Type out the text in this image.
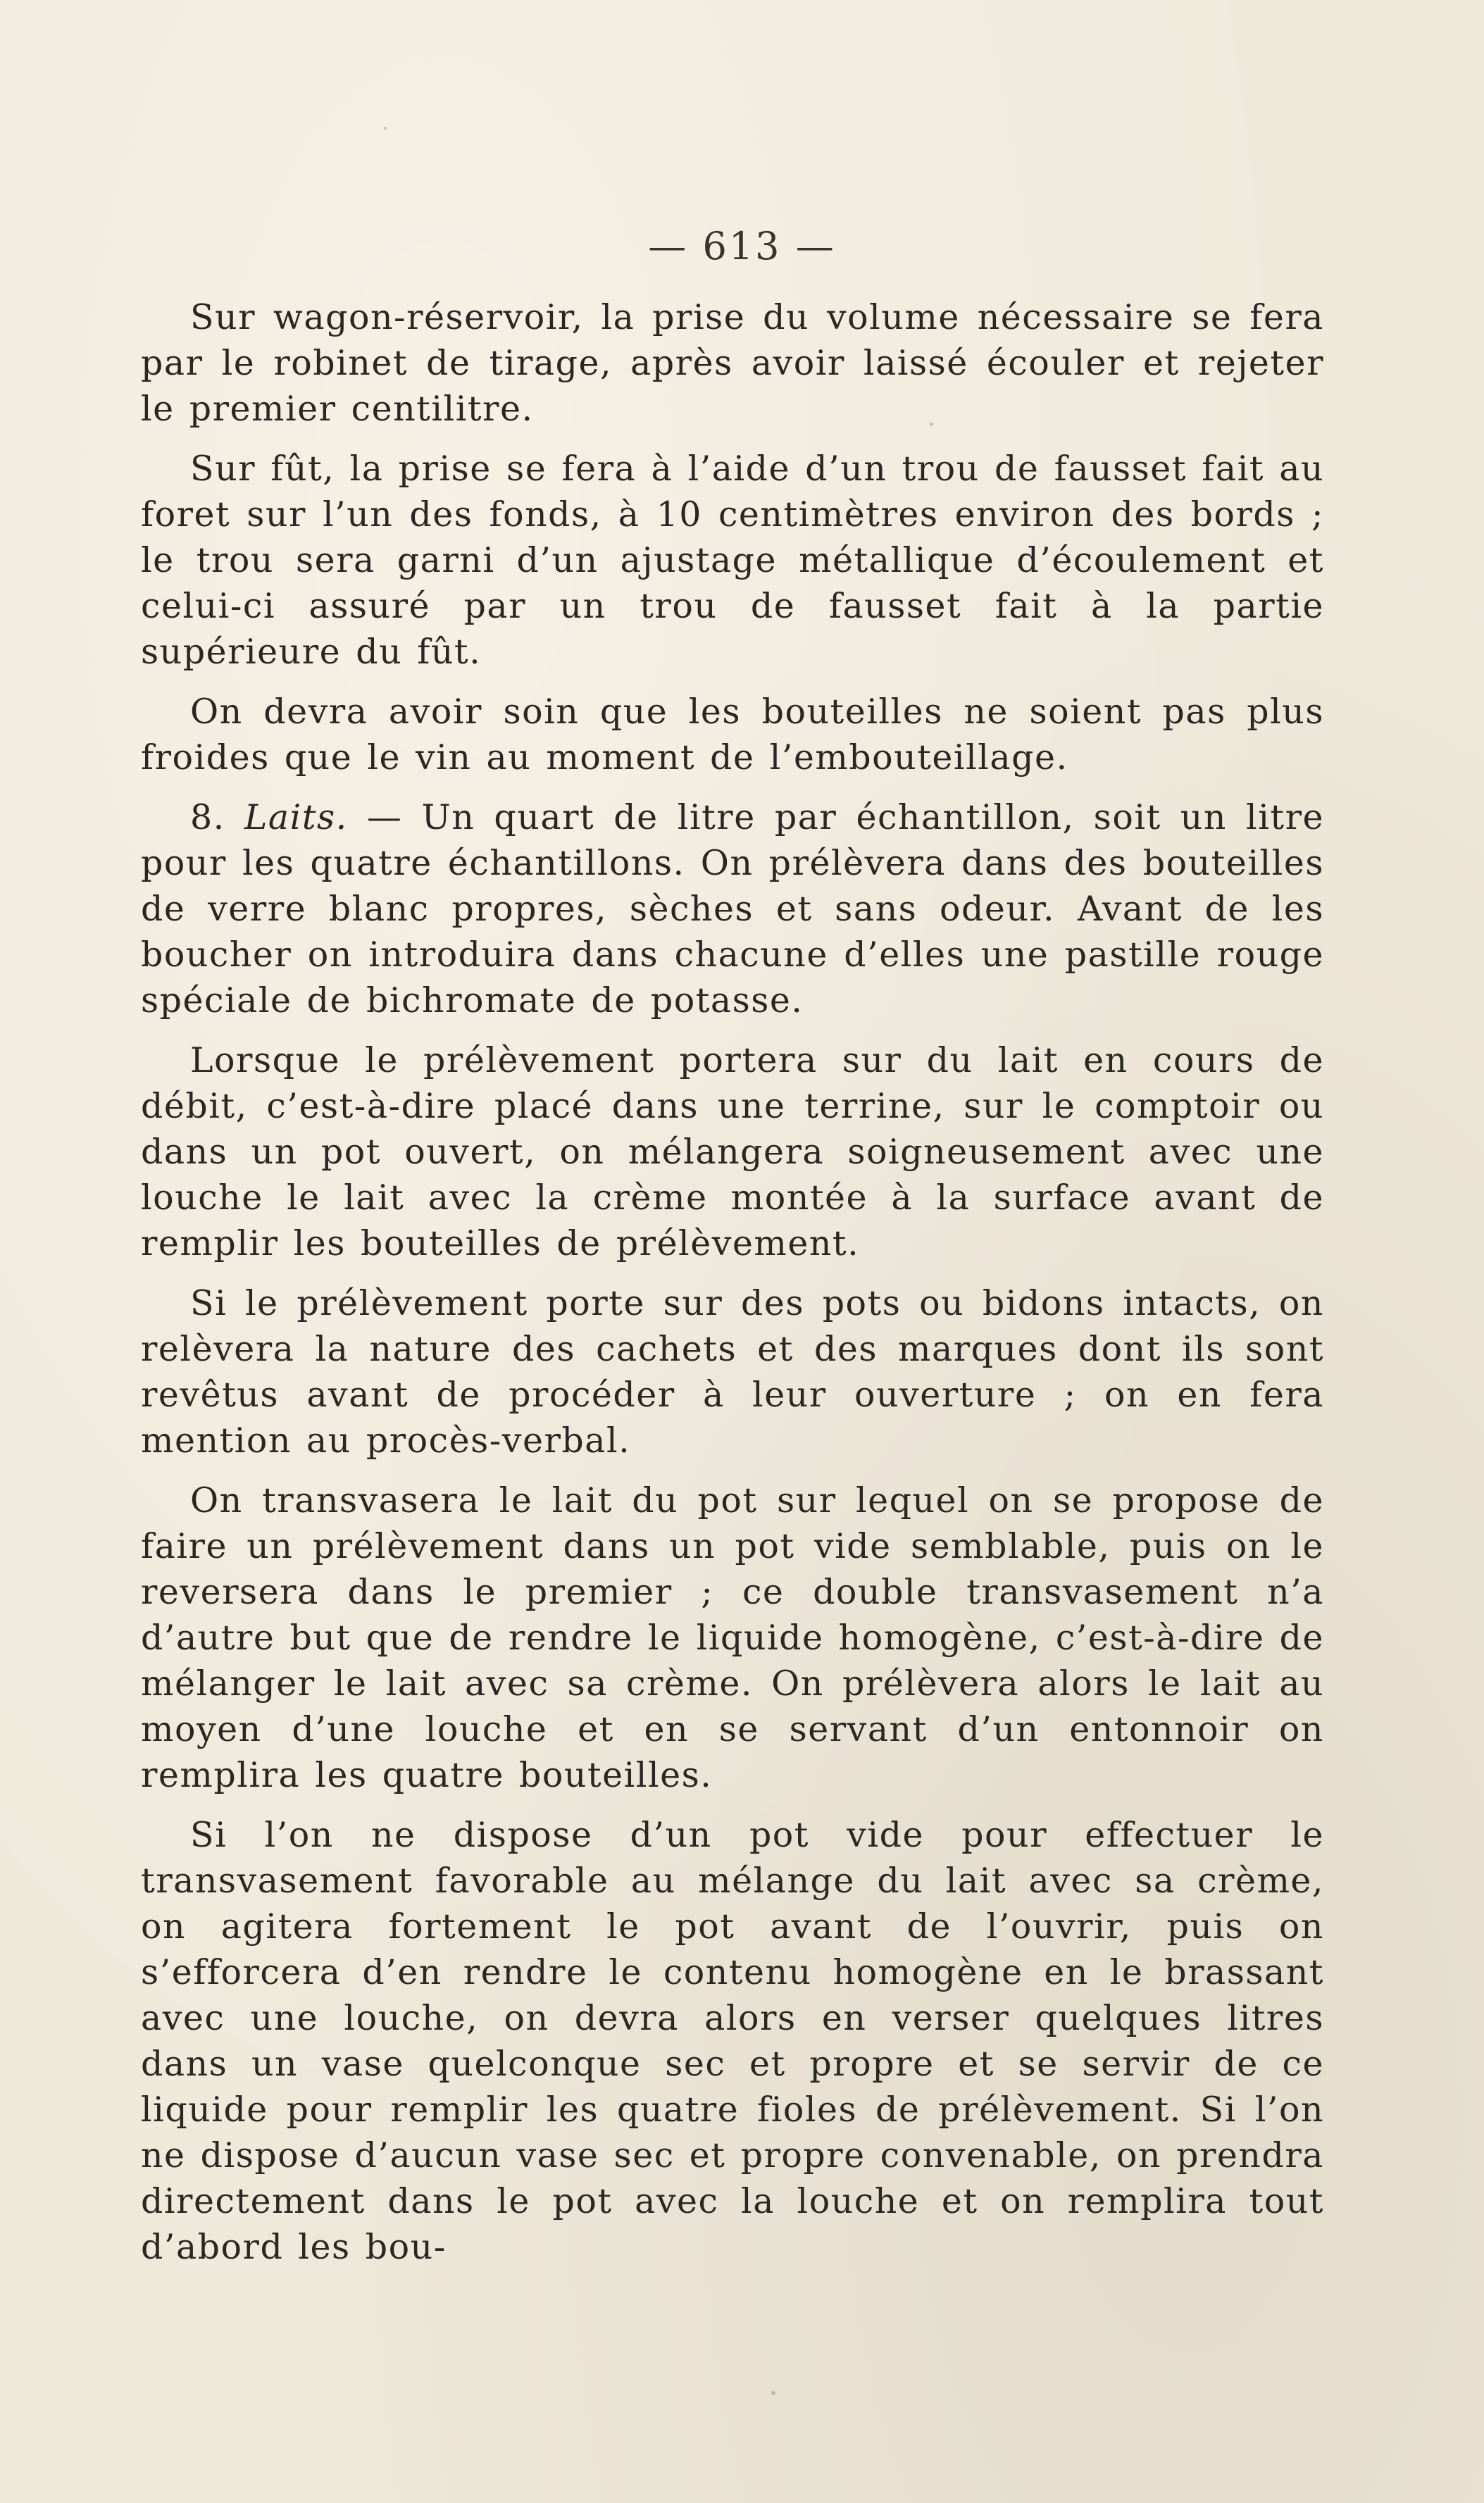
— 613 —

Sur wagon-réservoir, la prise du volume nécessaire se fera par le robinet de tirage, après avoir laissé écouler et rejeter le premier centilitre.

Sur fût, la prise se fera à l’aide d’un trou de fausset fait au foret sur l’un des fonds, à 10 centimètres environ des bords ; le trou sera garni d’un ajustage métallique d’écoulement et celui-ci assuré par un trou de fausset fait à la partie supérieure du fût.

On devra avoir soin que les bouteilles ne soient pas plus froides que le vin au moment de l’embouteillage.

8. Laits. — Un quart de litre par échantillon, soit un litre pour les quatre échantillons. On prélèvera dans des bouteilles de verre blanc propres, sèches et sans odeur. Avant de les boucher on introduira dans chacune d’elles une pastille rouge spéciale de bichromate de potasse.

Lorsque le prélèvement portera sur du lait en cours de débit, c’est-à-dire placé dans une terrine, sur le comptoir ou dans un pot ouvert, on mélangera soigneusement avec une louche le lait avec la crème montée à la surface avant de remplir les bouteilles de prélèvement.

Si le prélèvement porte sur des pots ou bidons intacts, on relèvera la nature des cachets et des marques dont ils sont revêtus avant de procéder à leur ouverture ; on en fera mention au procès-verbal.

On transvasera le lait du pot sur lequel on se propose de faire un prélèvement dans un pot vide semblable, puis on le reversera dans le premier ; ce double transvasement n’a d’autre but que de rendre le liquide homogène, c’est-à-dire de mélanger le lait avec sa crème. On prélèvera alors le lait au moyen d’une louche et en se servant d’un entonnoir on remplira les quatre bouteilles.

Si l’on ne dispose d’un pot vide pour effectuer le transvasement favorable au mélange du lait avec sa crème, on agitera fortement le pot avant de l’ouvrir, puis on s’efforcera d’en rendre le contenu homogène en le brassant avec une louche, on devra alors en verser quelques litres dans un vase quelconque sec et propre et se servir de ce liquide pour remplir les quatre fioles de prélèvement. Si l’on ne dispose d’aucun vase sec et propre convenable, on prendra directement dans le pot avec la louche et on remplira tout d’abord les bou-
